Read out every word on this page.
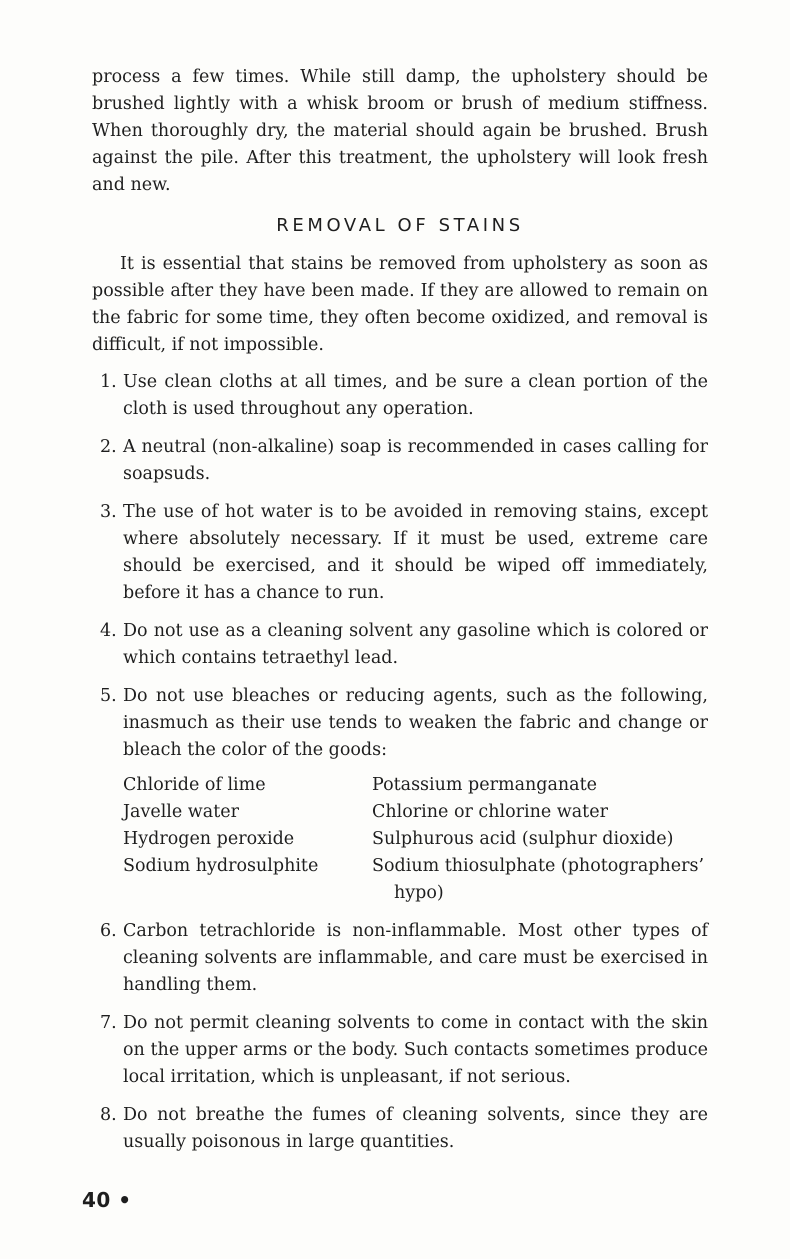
process a few times. While still damp, the upholstery should be brushed lightly with a whisk broom or brush of medium stiffness. When thoroughly dry, the material should again be brushed. Brush against the pile. After this treatment, the upholstery will look fresh and new.

REMOVAL OF STAINS

It is essential that stains be removed from upholstery as soon as possible after they have been made. If they are allowed to remain on the fabric for some time, they often become oxidized, and removal is difficult, if not impossible.

1. Use clean cloths at all times, and be sure a clean portion of the cloth is used throughout any operation.
2. A neutral (non-alkaline) soap is recommended in cases calling for soapsuds.
3. The use of hot water is to be avoided in removing stains, except where absolutely necessary. If it must be used, extreme care should be exercised, and it should be wiped off immediately, before it has a chance to run.
4. Do not use as a cleaning solvent any gasoline which is colored or which contains tetraethyl lead.
5. Do not use bleaches or reducing agents, such as the following, inasmuch as their use tends to weaken the fabric and change or bleach the color of the goods:
Chloride of lime	Potassium permanganate
Javelle water	Chlorine or chlorine water
Hydrogen peroxide	Sulphurous acid (sulphur dioxide)
Sodium hydrosulphite	Sodium thiosulphate (photographers’ hypo)
6. Carbon tetrachloride is non-inflammable. Most other types of cleaning solvents are inflammable, and care must be exercised in handling them.
7. Do not permit cleaning solvents to come in contact with the skin on the upper arms or the body. Such contacts sometimes produce local irritation, which is unpleasant, if not serious.
8. Do not breathe the fumes of cleaning solvents, since they are usually poisonous in large quantities.
40 •
